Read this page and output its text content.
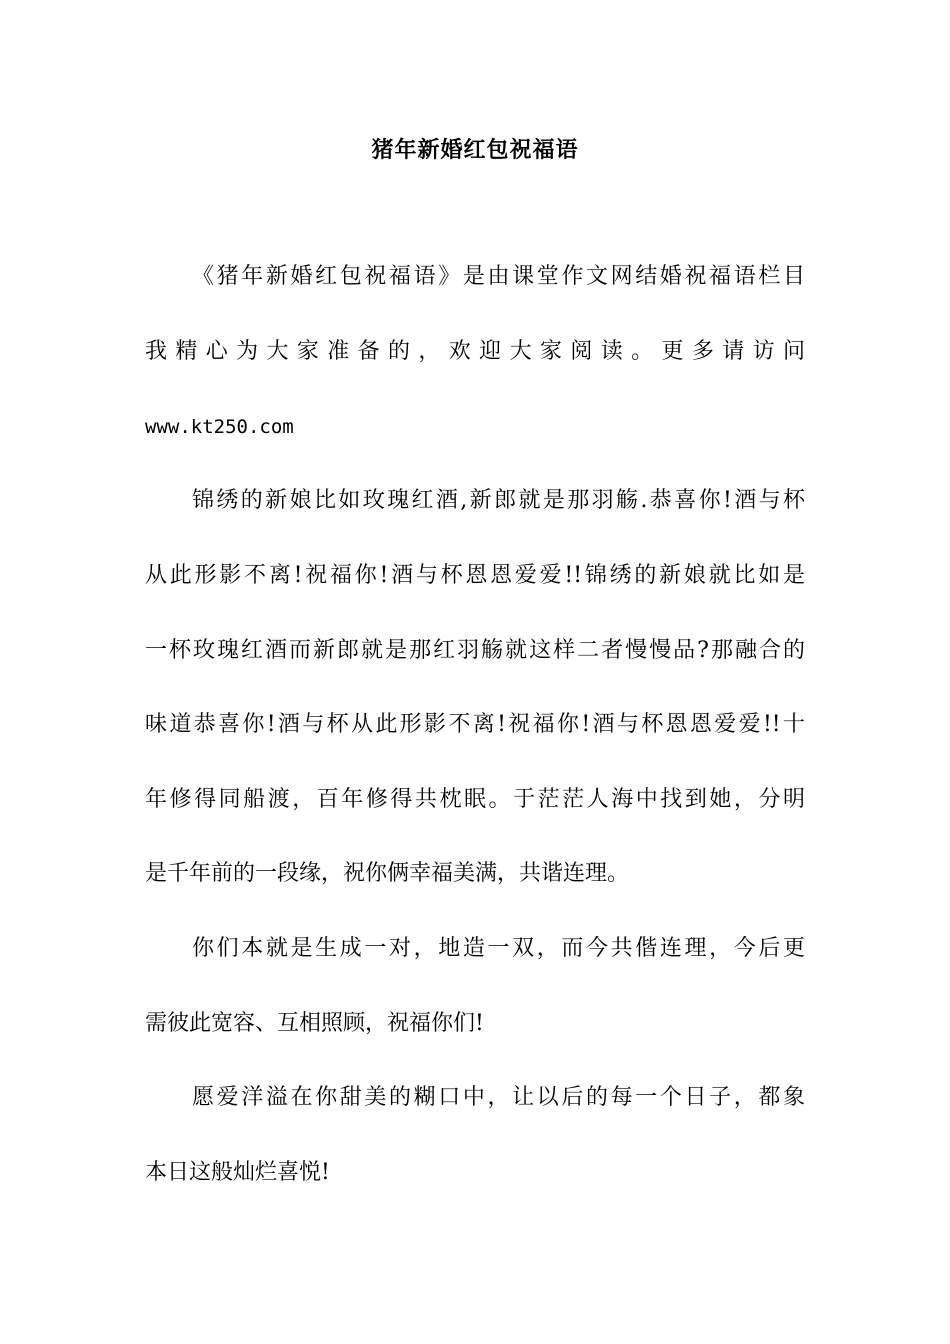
猪年新婚红包祝福语
《猪年新婚红包祝福语》是由课堂作文网结婚祝福语栏目
我精心为大家准备的，欢迎大家阅读。更多请访问
www.kt250.com
锦绣的新娘比如玫瑰红酒,新郎就是那羽觞.恭喜你!酒与杯
从此形影不离!祝福你!酒与杯恩恩爱爱!!锦绣的新娘就比如是
一杯玫瑰红酒而新郎就是那红羽觞就这样二者慢慢品?那融合的
味道恭喜你!酒与杯从此形影不离!祝福你!酒与杯恩恩爱爱!!十
年修得同船渡，百年修得共枕眠。于茫茫人海中找到她，分明
是千年前的一段缘，祝你俩幸福美满，共谐连理。
你们本就是生成一对，地造一双，而今共偕连理，今后更
需彼此宽容、互相照顾，祝福你们!
愿爱洋溢在你甜美的糊口中，让以后的每一个日子，都象
本日这般灿烂喜悦!
